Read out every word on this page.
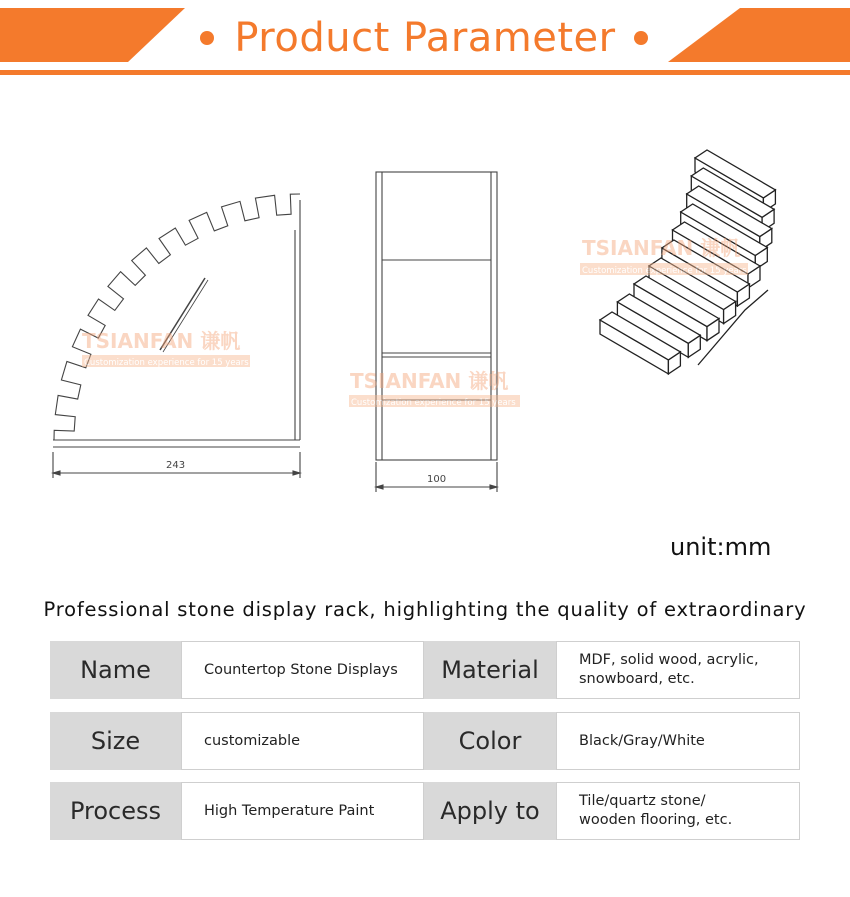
Product Parameter
243
100
TSIANFAN 谦帆
Customization experience for 15 years
TSIANFAN 谦帆
Customization experience for 15 years
TSIANFAN 谦帆
Customization experience for 15 years
unit:mm
Professional stone display rack, highlighting the quality of extraordinary
Name	Countertop Stone Displays	Material	MDF, solid wood, acrylic,
snowboard, etc.
Size	customizable	Color	Black/Gray/White
Process	High Temperature Paint	Apply to	Tile/quartz stone/
wooden flooring, etc.
